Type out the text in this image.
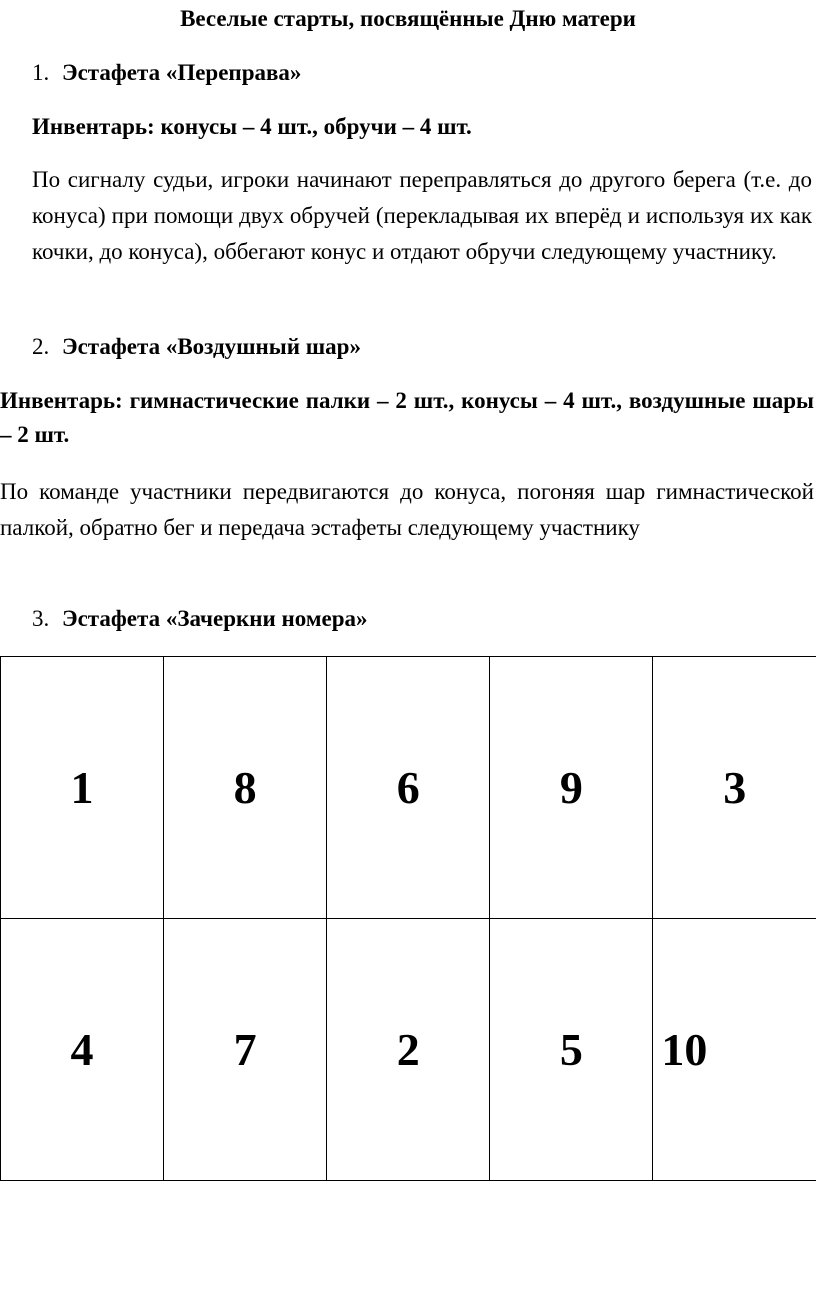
Веселые старты, посвящённые Дню матери
1. Эстафета «Переправа»
Инвентарь: конусы – 4 шт., обручи – 4 шт.

По сигналу судьи, игроки начинают переправляться до другого берега (т.е. до конуса) при помощи двух обручей (перекладывая их вперёд и используя их как кочки, до конуса), оббегают конус и отдают обручи следующему участнику.

2. Эстафета «Воздушный шар»
Инвентарь: гимнастические палки – 2 шт., конусы – 4 шт., воздушные шары – 2 шт.

По команде участники передвигаются до конуса, погоняя шар гимнастической палкой, обратно бег и передача эстафеты следующему участнику

3. Эстафета «Зачеркни номера»
1	8	6	9	3
4	7	2	5	10
